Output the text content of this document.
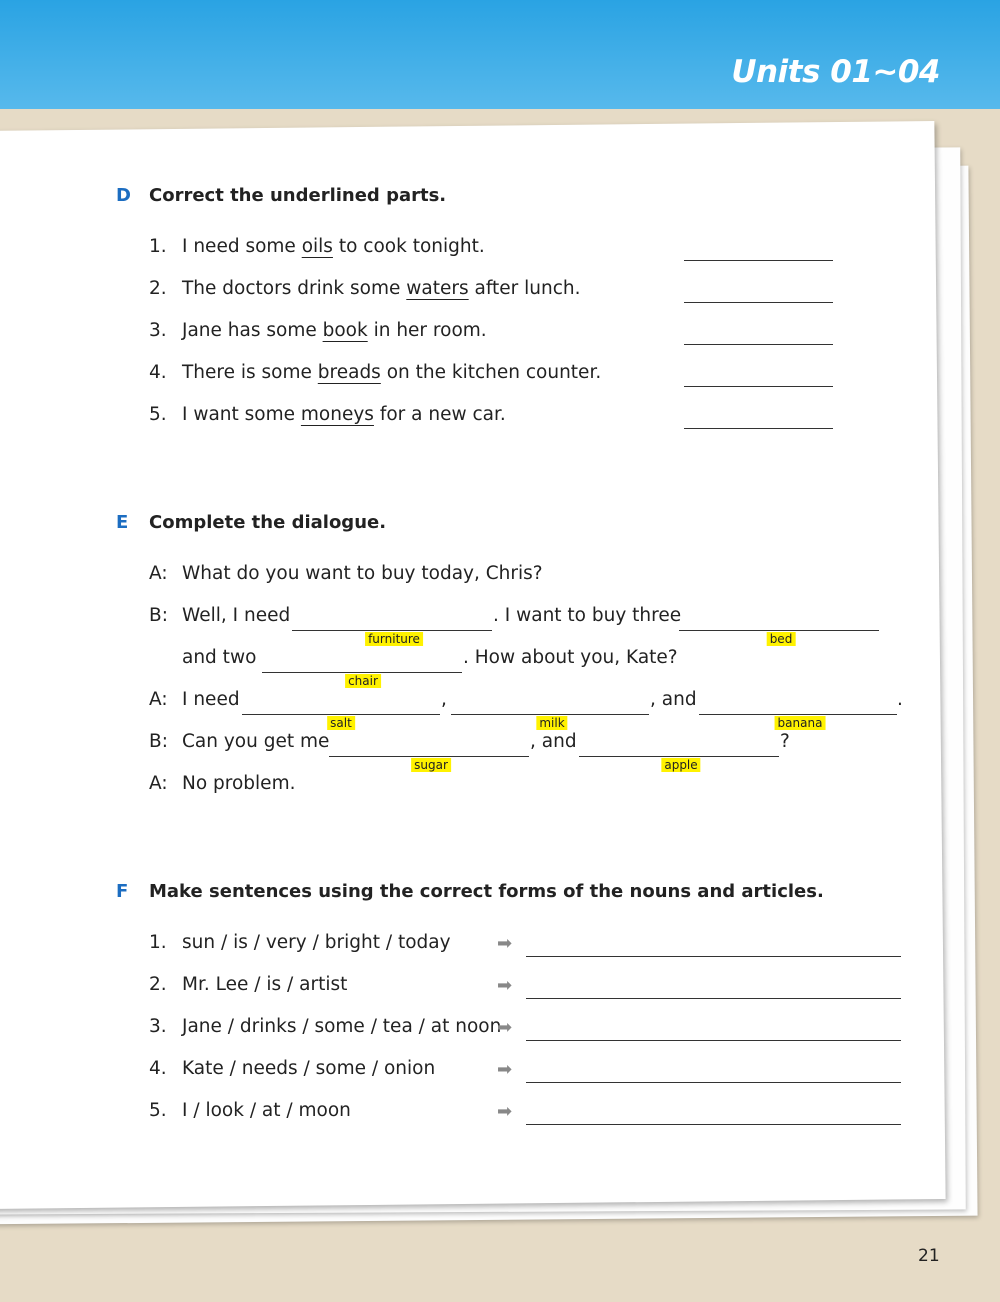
Units 01~04
D Correct the underlined parts.
1. I need some oils to cook tonight.
2. The doctors drink some waters after lunch.
3. Jane has some book in her room.
4. There is some breads on the kitchen counter.
5. I want some moneys for a new car.
E Complete the dialogue.
A: What do you want to buy today, Chris?
B: Well, I need
furniture
. I want to buy three
bed
and two
chair
. How about you, Kate?
A: I need
salt
,
milk
, and
banana
.
B: Can you get me
sugar
, and
apple
?
A: No problem.
F Make sentences using the correct forms of the nouns and articles.
1. sun / is / very / bright / today	➡
2. Mr. Lee / is / artist	➡
3. Jane / drinks / some / tea / at noon
➡
4. Kate / needs / some / onion	➡
5. I / look / at / moon	➡
21
